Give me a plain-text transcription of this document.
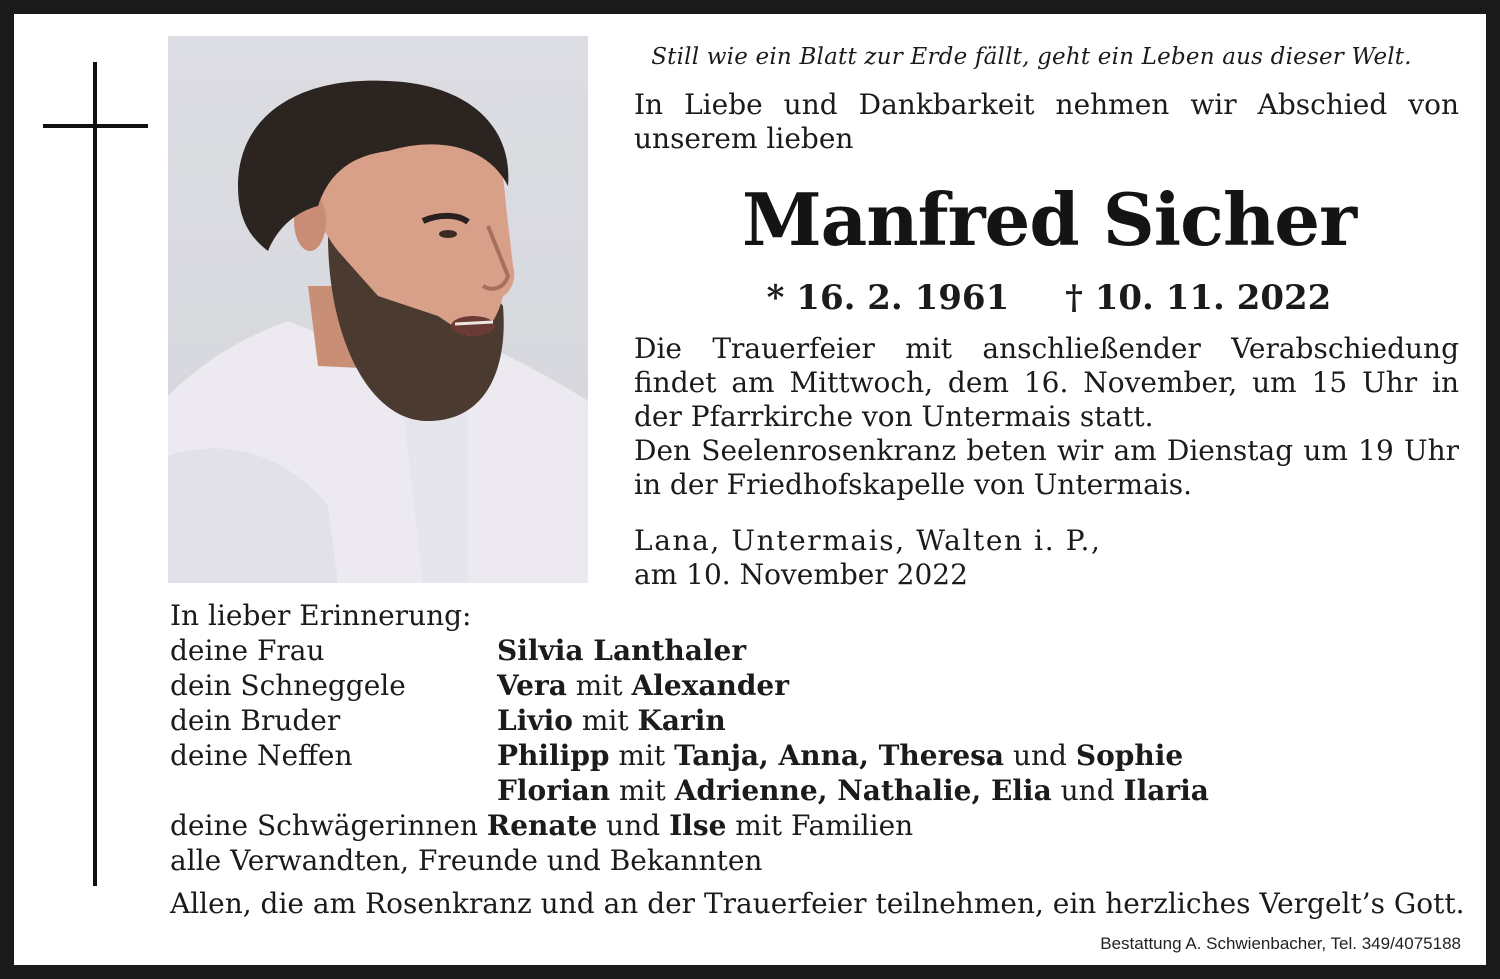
Still wie ein Blatt zur Erde fällt, geht ein Leben aus dieser Welt.
In Liebe und Dankbarkeit nehmen wir Abschied von unserem lieben
Manfred Sicher
* 16. 2. 1961 † 10. 11. 2022

Die Trauerfeier mit anschließender Verabschiedung findet am Mittwoch, dem 16. November, um 15 Uhr in der Pfarrkirche von Untermais statt.

Den Seelenrosenkranz beten wir am Dienstag um 19 Uhr in der Friedhofskapelle von Untermais.

Lana, Untermais, Walten i. P.,
am 10. November 2022
In lieber Erinnerung:
deine Frau	Silvia Lanthaler
dein Schneggele	Vera mit Alexander
dein Bruder	Livio mit Karin
deine Neffen	Philipp mit Tanja, Anna, Theresa und Sophie
Florian mit Adrienne, Nathalie, Elia und Ilaria
deine Schwägerinnen Renate und Ilse mit Familien
alle Verwandten, Freunde und Bekannten
Allen, die am Rosenkranz und an der Trauerfeier teilnehmen, ein herzliches Vergelt’s Gott.
Bestattung A. Schwienbacher, Tel. 349/4075188
